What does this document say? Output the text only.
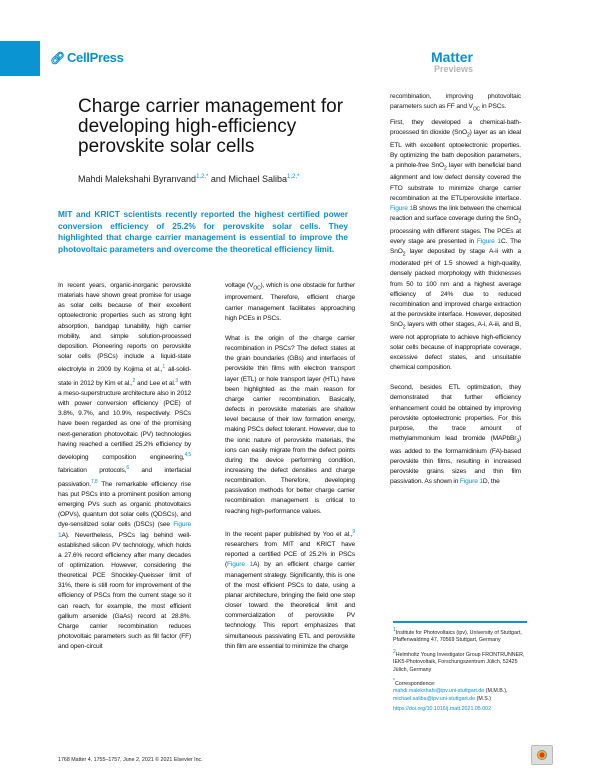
🔗︎ CellPress	Matter
Previews
Charge carrier management for developing high-efficiency perovskite solar cells
Mahdi Malekshahi Byranvand$^{1,2,*}$ and Michael Saliba$^{1,2,*}$
MIT and KRICT scientists recently reported the highest certified power conversion efficiency of 25.2% for perovskite solar cells. They highlighted that charge carrier management is essential to improve the photovoltaic parameters and overcome the theoretical efficiency limit.

In recent years, organic-inorganic perovskite materials have shown great promise for usage as solar cells because of their excellent optoelectronic properties such as strong light absorption, bandgap tunability, high carrier mobility, and simple solution-processed deposition. Pioneering reports on perovskite solar cells (PSCs) include a liquid-state electrolyte in 2009 by Kojima et al.,$^1$ all-solid-state in 2012 by Kim et al.,$^2$ and Lee et al.$^3$ with a meso-superstructure architecture also in 2012 with power conversion efficiency (PCE) of 3.8%, 9.7%, and 10.9%, respectively. PSCs have been regarded as one of the promising next-generation photovoltaic (PV) technologies having reached a certified 25.2% efficiency by developing composition engineering,$^{4,5}$ fabrication protocols,$^6$ and interfacial passivation.$^{7,8}$ The remarkable efficiency rise has put PSCs into a prominent position among emerging PVs such as organic photovoltaics (OPVs), quantum dot solar cells (QDSCs), and dye-sensitized solar cells (DSCs) (see Figure 1A). Nevertheless, PSCs lag behind well-established silicon PV technology, which holds a 27.6% record efficiency after many decades of optimization. However, considering the theoretical PCE Shockley-Queisser limit of 31%, there is still room for improvement of the efficiency of PSCs from the current stage so it can reach, for example, the most efficient gallium arsenide (GaAs) record at 28.8%. Charge carrier recombination reduces photovoltaic parameters such as fill factor (FF) and open-circuit

voltage $(V_{OC})$, which is one obstacle for further improvement. Therefore, efficient charge carrier management facilitates approaching high PCEs in PSCs.

What is the origin of the charge carrier recombination in PSCs? The defect states at the grain boundaries (GBs) and interfaces of perovskite thin films with electron transport layer (ETL) or hole transport layer (HTL) have been highlighted as the main reason for charge carrier recombination. Basically, defects in perovskite materials are shallow level because of their low formation energy, making PSCs defect tolerant. However, due to the ionic nature of perovskite materials, the ions can easily migrate from the defect points during the device performing condition, increasing the defect densities and charge recombination. Therefore, developing passivation methods for better charge carrier recombination management is critical to reaching high-performance values.

In the recent paper published by Yoo et al.,$^9$ researchers from MIT and KRICT have reported a certified PCE of 25.2% in PSCs (Figure 1A) by an efficient charge carrier management strategy. Significantly, this is one of the most efficient PSCs to date, using a planar architecture, bringing the field one step closer toward the theoretical limit and commercialization of perovskite PV technology. This report emphasizes that simultaneous passivating ETL and perovskite thin film are essential to minimize the charge

recombination, improving photovoltaic parameters such as FF and $V_{OC}$ in PSCs.

First, they developed a chemical-bath-processed tin dioxide (SnO$_2$) layer as an ideal ETL with excellent optoelectronic properties. By optimizing the bath deposition parameters, a pinhole-free SnO$_2$ layer with beneficial band alignment and low defect density covered the FTO substrate to minimize charge carrier recombination at the ETL/perovskite interface. Figure 1B shows the link between the chemical reaction and surface coverage during the SnO$_2$ processing with different stages. The PCEs at every stage are presented in Figure 1C. The SnO$_2$ layer deposited by stage A-ii with a moderated pH of 1.5 showed a high-quality, densely packed morphology with thicknesses from 50 to 100 nm and a highest average efficiency of 24% due to reduced recombination and improved charge extraction at the perovskite interface. However, deposited SnO$_2$ layers with other stages, A-i, A-iii, and B, were not appropriate to achieve high-efficiency solar cells because of inappropriate coverage, excessive defect states, and unsuitable chemical composition.

Second, besides ETL optimization, they demonstrated that further efficiency enhancement could be obtained by improving perovskite optoelectronic properties. For this purpose, the trace amount of methylammonium lead bromide (MAPbBr$_3$) was added to the formamidinium (FA)-based perovskite thin films, resulting in increased perovskite grains sizes and thin film passivation. As shown in Figure 1D, the

$^1$Institute for Photovoltaics (ipv), University of Stuttgart, Pfaffenwaldring 47, 70569 Stuttgart, Germany

$^2$Helmholtz Young Investigator Group FRONTRUNNER, IEK5-Photovoltaik, Forschungszentrum Jülich, 52425 Jülich, Germany

*Correspondence:
mahdi.malekshahi@ipv.uni-stuttgart.de (M.M.B.),
michael.saliba@ipv.uni-stuttgart.de (M.S.)

https://doi.org/10.1016/j.matt.2021.05.002

1768 Matter 4, 1755–1757, June 2, 2021 © 2021 Elsevier Inc.
